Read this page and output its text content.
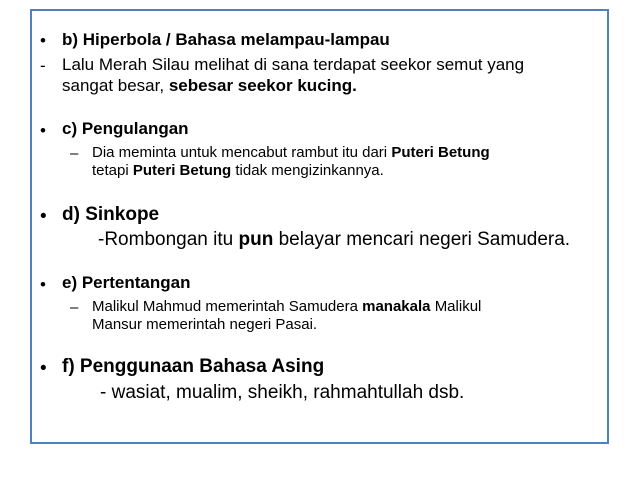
• b) Hiperbola / Bahasa melampau-lampau
- Lalu Merah Silau melihat di sana terdapat seekor semut yang
sangat besar, sebesar seekor kucing.
• c) Pengulangan
– Dia meminta untuk mencabut rambut itu dari Puteri Betung
tetapi Puteri Betung tidak mengizinkannya.
• d) Sinkope
-Rombongan itu pun belayar mencari negeri Samudera.
• e) Pertentangan
– Malikul Mahmud memerintah Samudera manakala Malikul
Mansur memerintah negeri Pasai.
• f) Penggunaan Bahasa Asing
- wasiat, mualim, sheikh, rahmahtullah dsb.
